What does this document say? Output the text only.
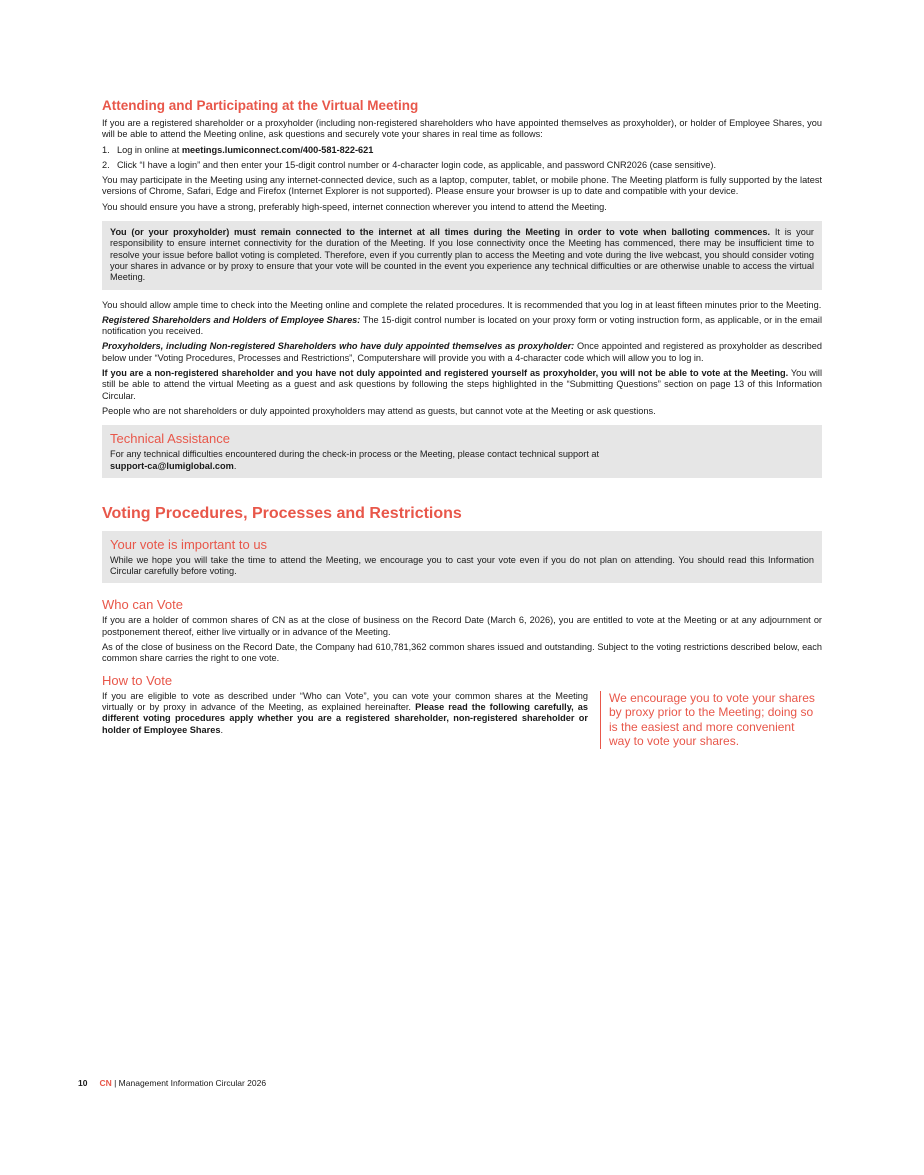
Attending and Participating at the Virtual Meeting

If you are a registered shareholder or a proxyholder (including non-registered shareholders who have appointed themselves as proxyholder), or holder of Employee Shares, you will be able to attend the Meeting online, ask questions and securely vote your shares in real time as follows:

1. Log in online at meetings.lumiconnect.com/400-581-822-621
2. Click “I have a login” and then enter your 15-digit control number or 4-character login code, as applicable, and password CNR2026 (case sensitive).

You may participate in the Meeting using any internet-connected device, such as a laptop, computer, tablet, or mobile phone. The Meeting platform is fully supported by the latest versions of Chrome, Safari, Edge and Firefox (Internet Explorer is not supported). Please ensure your browser is up to date and compatible with your device.

You should ensure you have a strong, preferably high-speed, internet connection wherever you intend to attend the Meeting.

You (or your proxyholder) must remain connected to the internet at all times during the Meeting in order to vote when balloting commences. It is your responsibility to ensure internet connectivity for the duration of the Meeting. If you lose connectivity once the Meeting has commenced, there may be insufficient time to resolve your issue before ballot voting is completed. Therefore, even if you currently plan to access the Meeting and vote during the live webcast, you should consider voting your shares in advance or by proxy to ensure that your vote will be counted in the event you experience any technical difficulties or are otherwise unable to access the virtual Meeting.

You should allow ample time to check into the Meeting online and complete the related procedures. It is recommended that you log in at least fifteen minutes prior to the Meeting.

Registered Shareholders and Holders of Employee Shares: The 15-digit control number is located on your proxy form or voting instruction form, as applicable, or in the email notification you received.

Proxyholders, including Non-registered Shareholders who have duly appointed themselves as proxyholder: Once appointed and registered as proxyholder as described below under “Voting Procedures, Processes and Restrictions”, Computershare will provide you with a 4-character code which will allow you to log in.

If you are a non-registered shareholder and you have not duly appointed and registered yourself as proxyholder, you will not be able to vote at the Meeting. You will still be able to attend the virtual Meeting as a guest and ask questions by following the steps highlighted in the “Submitting Questions” section on page 13 of this Information Circular.

People who are not shareholders or duly appointed proxyholders may attend as guests, but cannot vote at the Meeting or ask questions.

Technical Assistance

For any technical difficulties encountered during the check-in process or the Meeting, please contact technical support at
support-ca@lumiglobal.com.

Voting Procedures, Processes and Restrictions
Your vote is important to us

While we hope you will take the time to attend the Meeting, we encourage you to cast your vote even if you do not plan on attending. You should read this Information Circular carefully before voting.

Who can Vote

If you are a holder of common shares of CN as at the close of business on the Record Date (March 6, 2026), you are entitled to vote at the Meeting or at any adjournment or postponement thereof, either live virtually or in advance of the Meeting.

As of the close of business on the Record Date, the Company had 610,781,362 common shares issued and outstanding. Subject to the voting restrictions described below, each common share carries the right to one vote.

How to Vote
If you are eligible to vote as described under “Who can Vote”, you can vote your common shares at the Meeting virtually or by proxy in advance of the Meeting, as explained hereinafter. Please read the following carefully, as different voting procedures apply whether you are a registered shareholder, non-registered shareholder or holder of Employee Shares.
We encourage you to vote your shares by proxy prior to the Meeting; doing so is the easiest and more convenient way to vote your shares.
10 CN | Management Information Circular 2026
